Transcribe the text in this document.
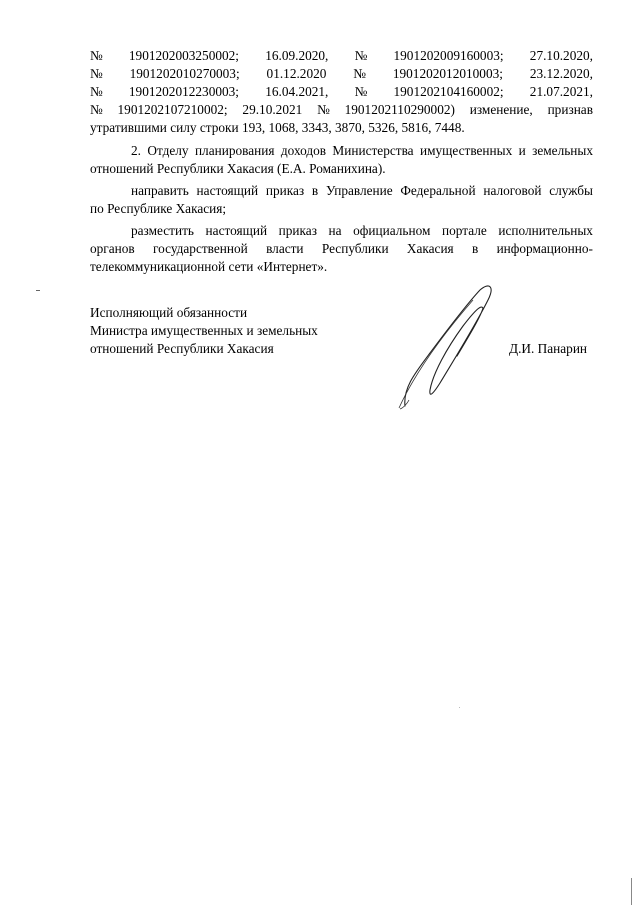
№ 1901202003250002; 16.09.2020, № 1901202009160003; 27.10.2020,
№ 1901202010270003; 01.12.2020 № 1901202012010003; 23.12.2020,
№ 1901202012230003; 16.04.2021, № 1901202104160002; 21.07.2021,
№ 1901202107210002; 29.10.2021 № 1901202110290002) изменение, признав
утратившими силу строки 193, 1068, 3343, 3870, 5326, 5816, 7448.
2. Отделу планирования доходов Министерства имущественных и земельных
отношений Республики Хакасия (Е.А. Романихина).
направить настоящий приказ в Управление Федеральной налоговой службы
по Республике Хакасия;
разместить настоящий приказ на официальном портале исполнительных
органов государственной власти Республики Хакасия в информационно-
телекоммуникационной сети «Интернет».
Исполняющий обязанности
Министра имущественных и земельных
отношений Республики Хакасия	Д.И. Панарин
